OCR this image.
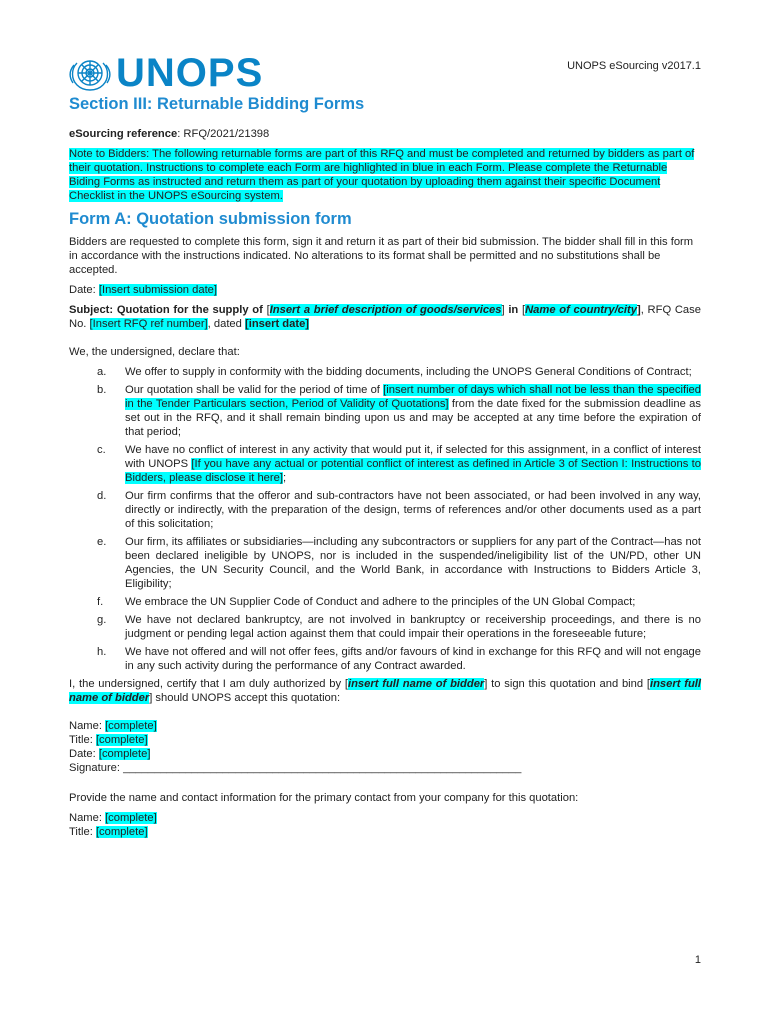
UNOPS	UNOPS eSourcing v2017.1
Section III: Returnable Bidding Forms

eSourcing reference: RFQ/2021/21398

Note to Bidders: The following returnable forms are part of this RFQ and must be completed and returned by bidders as part of their quotation. Instructions to complete each Form are highlighted in blue in each Form. Please complete the Returnable Biding Forms as instructed and return them as part of your quotation by uploading them against their specific Document Checklist in the UNOPS eSourcing system.

Form A: Quotation submission form

Bidders are requested to complete this form, sign it and return it as part of their bid submission. The bidder shall fill in this form in accordance with the instructions indicated. No alterations to its format shall be permitted and no substitutions shall be accepted.

Date: [Insert submission date]

Subject: Quotation for the supply of [Insert a brief description of goods/services] in [Name of country/city], RFQ Case No. [Insert RFQ ref number], dated [insert date]

We, the undersigned, declare that:

a. We offer to supply in conformity with the bidding documents, including the UNOPS General Conditions of Contract;
b. Our quotation shall be valid for the period of time of [insert number of days which shall not be less than the specified in the Tender Particulars section, Period of Validity of Quotations] from the date fixed for the submission deadline as set out in the RFQ, and it shall remain binding upon us and may be accepted at any time before the expiration of that period;
c. We have no conflict of interest in any activity that would put it, if selected for this assignment, in a conflict of interest with UNOPS [If you have any actual or potential conflict of interest as defined in Article 3 of Section I: Instructions to Bidders, please disclose it here];
d. Our firm confirms that the offeror and sub-contractors have not been associated, or had been involved in any way, directly or indirectly, with the preparation of the design, terms of references and/or other documents used as a part of this solicitation;
e. Our firm, its affiliates or subsidiaries—including any subcontractors or suppliers for any part of the Contract—has not been declared ineligible by UNOPS, nor is included in the suspended/ineligibility list of the UN/PD, other UN Agencies, the UN Security Council, and the World Bank, in accordance with Instructions to Bidders Article 3, Eligibility;
f. We embrace the UN Supplier Code of Conduct and adhere to the principles of the UN Global Compact;
g. We have not declared bankruptcy, are not involved in bankruptcy or receivership proceedings, and there is no judgment or pending legal action against them that could impair their operations in the foreseeable future;
h. We have not offered and will not offer fees, gifts and/or favours of kind in exchange for this RFQ and will not engage in any such activity during the performance of any Contract awarded.

I, the undersigned, certify that I am duly authorized by [insert full name of bidder] to sign this quotation and bind [insert full name of bidder] should UNOPS accept this quotation:

Name: [complete]

Title: [complete]

Date: [complete]

Signature: ________________________________________________________________

Provide the name and contact information for the primary contact from your company for this quotation:

Name: [complete]

Title: [complete]

1
